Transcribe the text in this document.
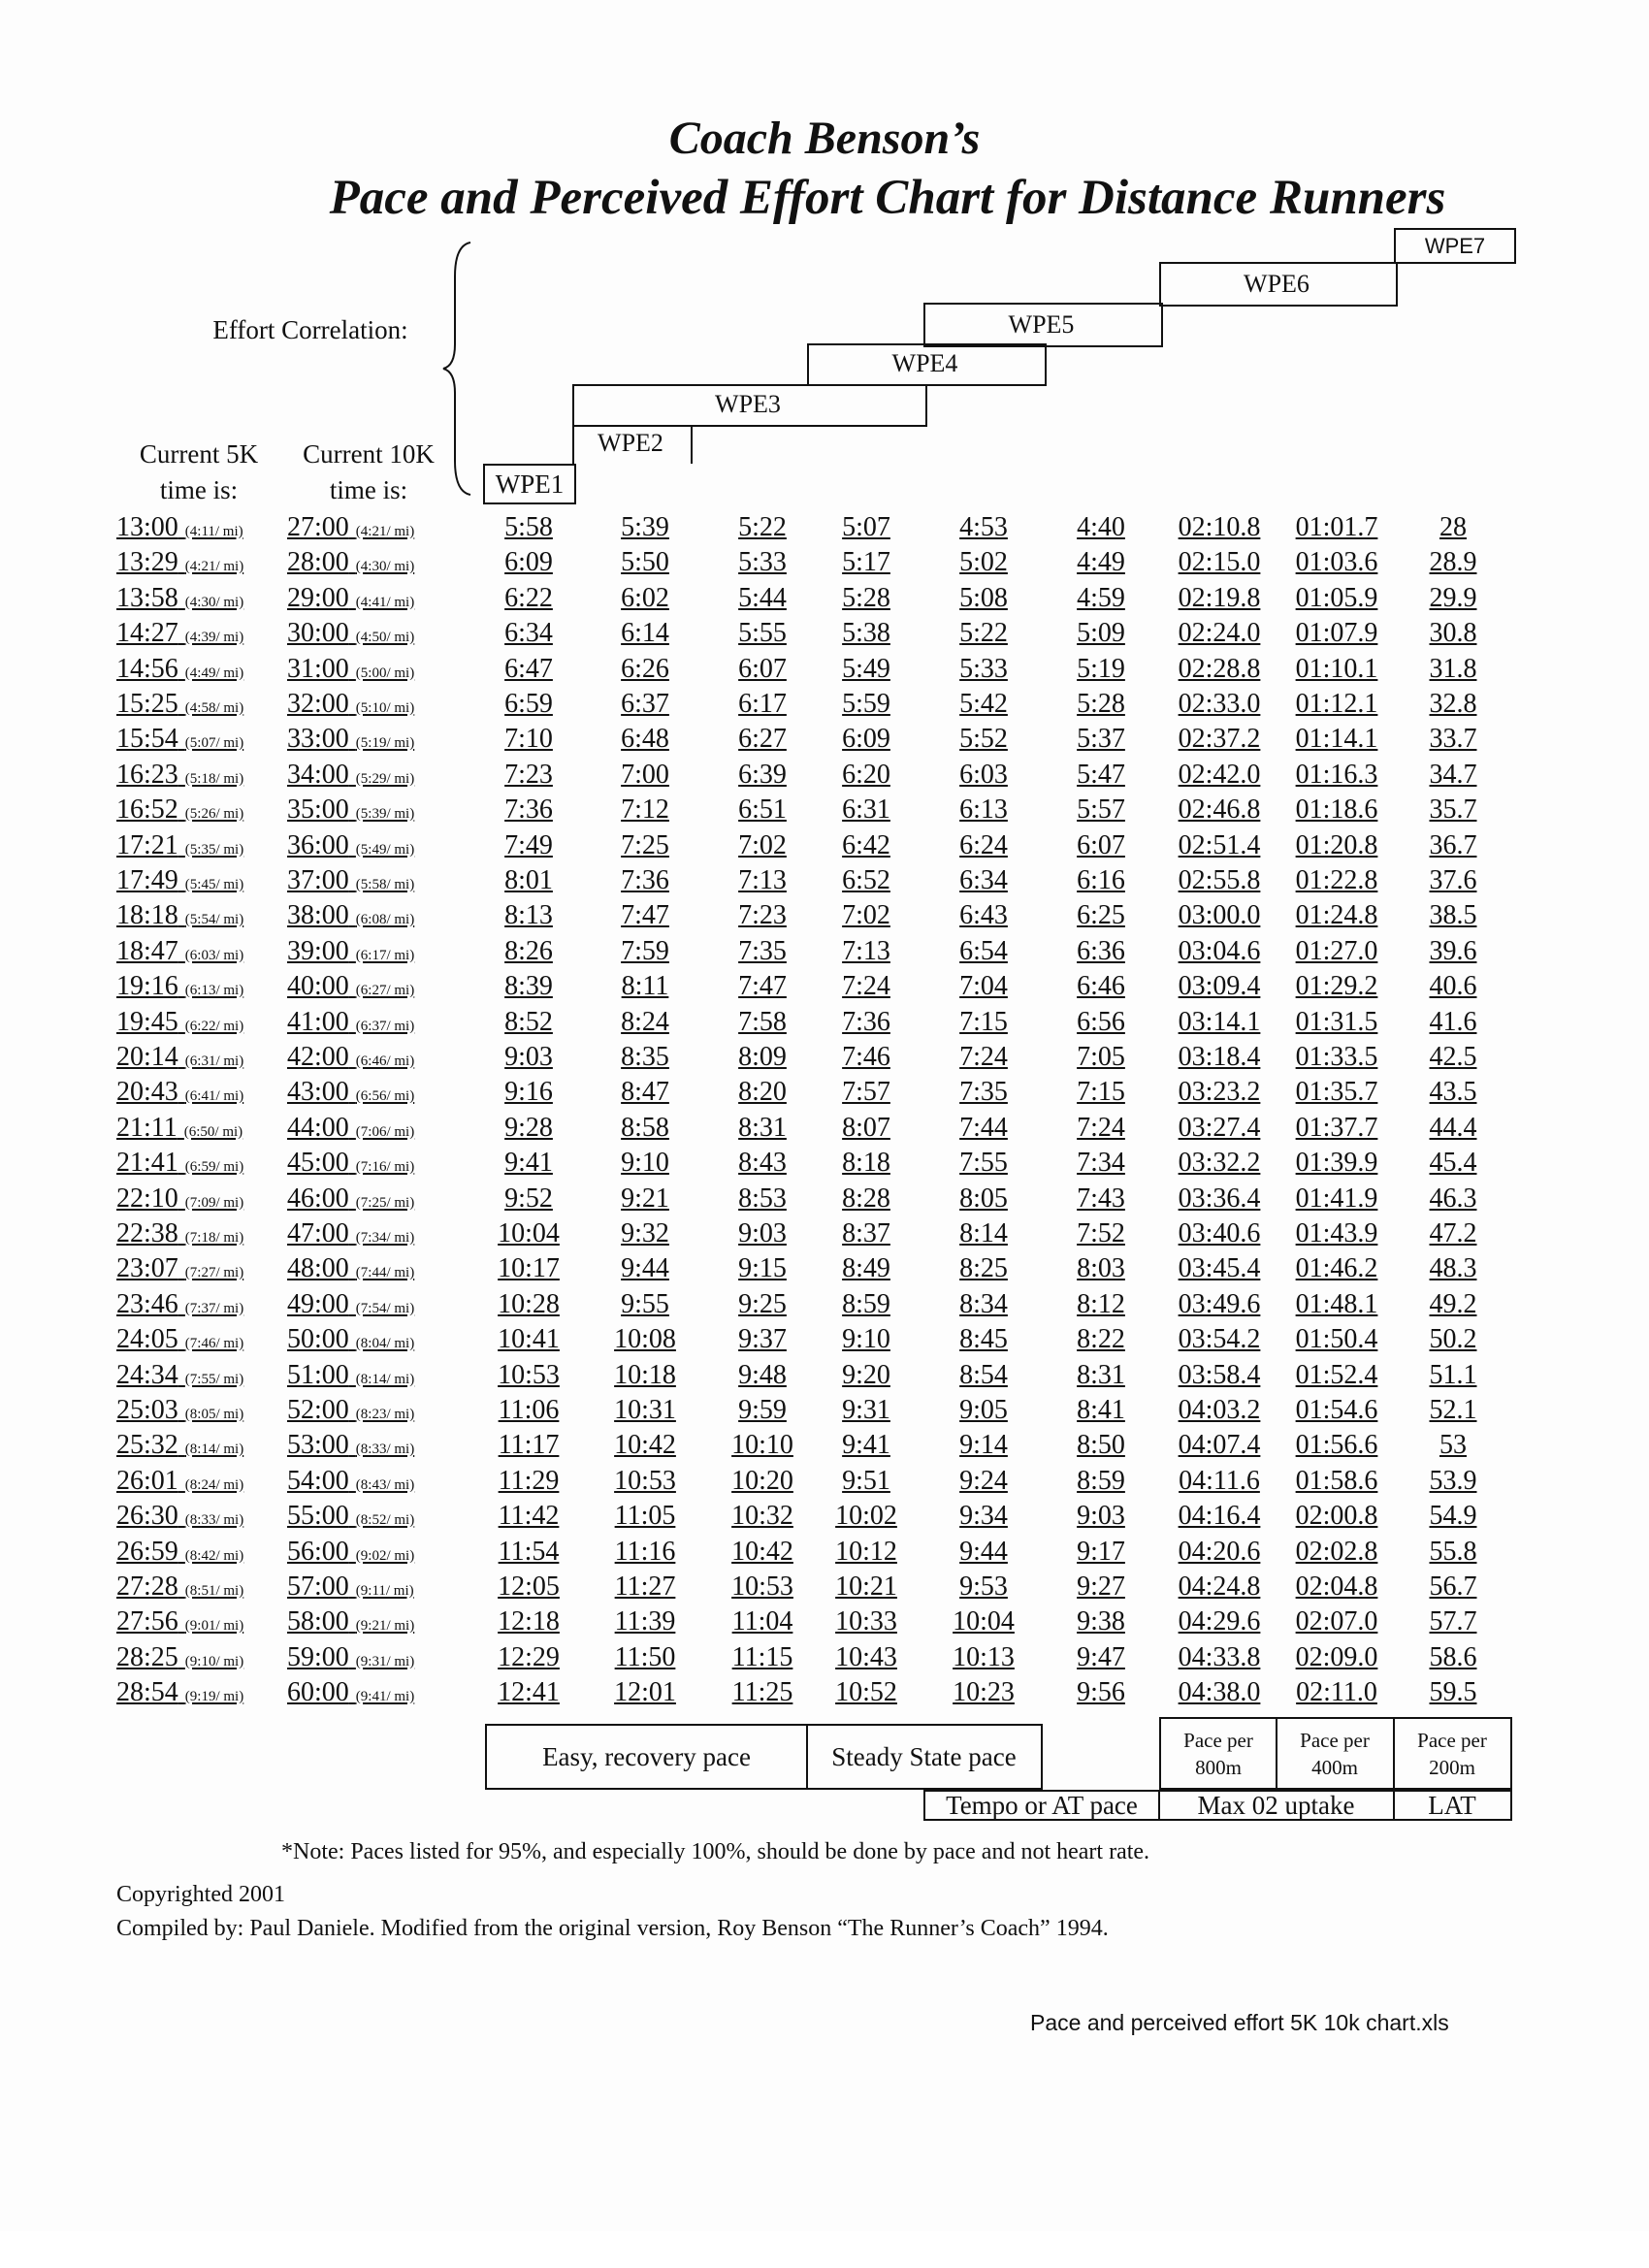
Coach Benson’s
Pace and Perceived Effort Chart for Distance Runners
Effort Correlation:
Current 5K
time is:
Current 10K
time is:
WPE7
WPE6
WPE5
WPE4
WPE3
WPE2
WPE1
13:00 (4:11/ mi) 27:00 (4:21/ mi)	5:58	5:39	5:22	5:07	4:53	4:40	02:10.8	01:01.7	28
13:29 (4:21/ mi) 28:00 (4:30/ mi)	6:09	5:50	5:33	5:17	5:02	4:49	02:15.0	01:03.6	28.9
13:58 (4:30/ mi) 29:00 (4:41/ mi)	6:22	6:02	5:44	5:28	5:08	4:59	02:19.8	01:05.9	29.9
14:27 (4:39/ mi) 30:00 (4:50/ mi)	6:34	6:14	5:55	5:38	5:22	5:09	02:24.0	01:07.9	30.8
14:56 (4:49/ mi) 31:00 (5:00/ mi)	6:47	6:26	6:07	5:49	5:33	5:19	02:28.8	01:10.1	31.8
15:25 (4:58/ mi) 32:00 (5:10/ mi)	6:59	6:37	6:17	5:59	5:42	5:28	02:33.0	01:12.1	32.8
15:54 (5:07/ mi) 33:00 (5:19/ mi)	7:10	6:48	6:27	6:09	5:52	5:37	02:37.2	01:14.1	33.7
16:23 (5:18/ mi) 34:00 (5:29/ mi)	7:23	7:00	6:39	6:20	6:03	5:47	02:42.0	01:16.3	34.7
16:52 (5:26/ mi) 35:00 (5:39/ mi)	7:36	7:12	6:51	6:31	6:13	5:57	02:46.8	01:18.6	35.7
17:21 (5:35/ mi) 36:00 (5:49/ mi)	7:49	7:25	7:02	6:42	6:24	6:07	02:51.4	01:20.8	36.7
17:49 (5:45/ mi) 37:00 (5:58/ mi)	8:01	7:36	7:13	6:52	6:34	6:16	02:55.8	01:22.8	37.6
18:18 (5:54/ mi) 38:00 (6:08/ mi)	8:13	7:47	7:23	7:02	6:43	6:25	03:00.0	01:24.8	38.5
18:47 (6:03/ mi) 39:00 (6:17/ mi)	8:26	7:59	7:35	7:13	6:54	6:36	03:04.6	01:27.0	39.6
19:16 (6:13/ mi) 40:00 (6:27/ mi)	8:39	8:11	7:47	7:24	7:04	6:46	03:09.4	01:29.2	40.6
19:45 (6:22/ mi) 41:00 (6:37/ mi)	8:52	8:24	7:58	7:36	7:15	6:56	03:14.1	01:31.5	41.6
20:14 (6:31/ mi) 42:00 (6:46/ mi)	9:03	8:35	8:09	7:46	7:24	7:05	03:18.4	01:33.5	42.5
20:43 (6:41/ mi) 43:00 (6:56/ mi)	9:16	8:47	8:20	7:57	7:35	7:15	03:23.2	01:35.7	43.5
21:11 (6:50/ mi) 44:00 (7:06/ mi)	9:28	8:58	8:31	8:07	7:44	7:24	03:27.4	01:37.7	44.4
21:41 (6:59/ mi) 45:00 (7:16/ mi)	9:41	9:10	8:43	8:18	7:55	7:34	03:32.2	01:39.9	45.4
22:10 (7:09/ mi) 46:00 (7:25/ mi)	9:52	9:21	8:53	8:28	8:05	7:43	03:36.4	01:41.9	46.3
22:38 (7:18/ mi) 47:00 (7:34/ mi)	10:04	9:32	9:03	8:37	8:14	7:52	03:40.6	01:43.9	47.2
23:07 (7:27/ mi) 48:00 (7:44/ mi)	10:17	9:44	9:15	8:49	8:25	8:03	03:45.4	01:46.2	48.3
23:46 (7:37/ mi) 49:00 (7:54/ mi)	10:28	9:55	9:25	8:59	8:34	8:12	03:49.6	01:48.1	49.2
24:05 (7:46/ mi) 50:00 (8:04/ mi)	10:41	10:08	9:37	9:10	8:45	8:22	03:54.2	01:50.4	50.2
24:34 (7:55/ mi) 51:00 (8:14/ mi)	10:53	10:18	9:48	9:20	8:54	8:31	03:58.4	01:52.4	51.1
25:03 (8:05/ mi) 52:00 (8:23/ mi)	11:06	10:31	9:59	9:31	9:05	8:41	04:03.2	01:54.6	52.1
25:32 (8:14/ mi) 53:00 (8:33/ mi)	11:17	10:42	10:10	9:41	9:14	8:50	04:07.4	01:56.6	53
26:01 (8:24/ mi) 54:00 (8:43/ mi)	11:29	10:53	10:20	9:51	9:24	8:59	04:11.6	01:58.6	53.9
26:30 (8:33/ mi) 55:00 (8:52/ mi)	11:42	11:05	10:32	10:02	9:34	9:03	04:16.4	02:00.8	54.9
26:59 (8:42/ mi) 56:00 (9:02/ mi)	11:54	11:16	10:42	10:12	9:44	9:17	04:20.6	02:02.8	55.8
27:28 (8:51/ mi) 57:00 (9:11/ mi)	12:05	11:27	10:53	10:21	9:53	9:27	04:24.8	02:04.8	56.7
27:56 (9:01/ mi) 58:00 (9:21/ mi)	12:18	11:39	11:04	10:33	10:04	9:38	04:29.6	02:07.0	57.7
28:25 (9:10/ mi) 59:00 (9:31/ mi)	12:29	11:50	11:15	10:43	10:13	9:47	04:33.8	02:09.0	58.6
28:54 (9:19/ mi) 60:00 (9:41/ mi)	12:41	12:01	11:25	10:52	10:23	9:56	04:38.0	02:11.0	59.5
Easy, recovery pace	Steady State pace
Pace per
800m
Pace per
400m
Pace per
200m
Tempo or AT pace	Max 02 uptake	LAT
*Note: Paces listed for 95%, and especially 100%, should be done by pace and not heart rate.
Copyrighted 2001
Compiled by: Paul Daniele. Modified from the original version, Roy Benson “The Runner’s Coach” 1994.
Pace and perceived effort 5K 10k chart.xls
